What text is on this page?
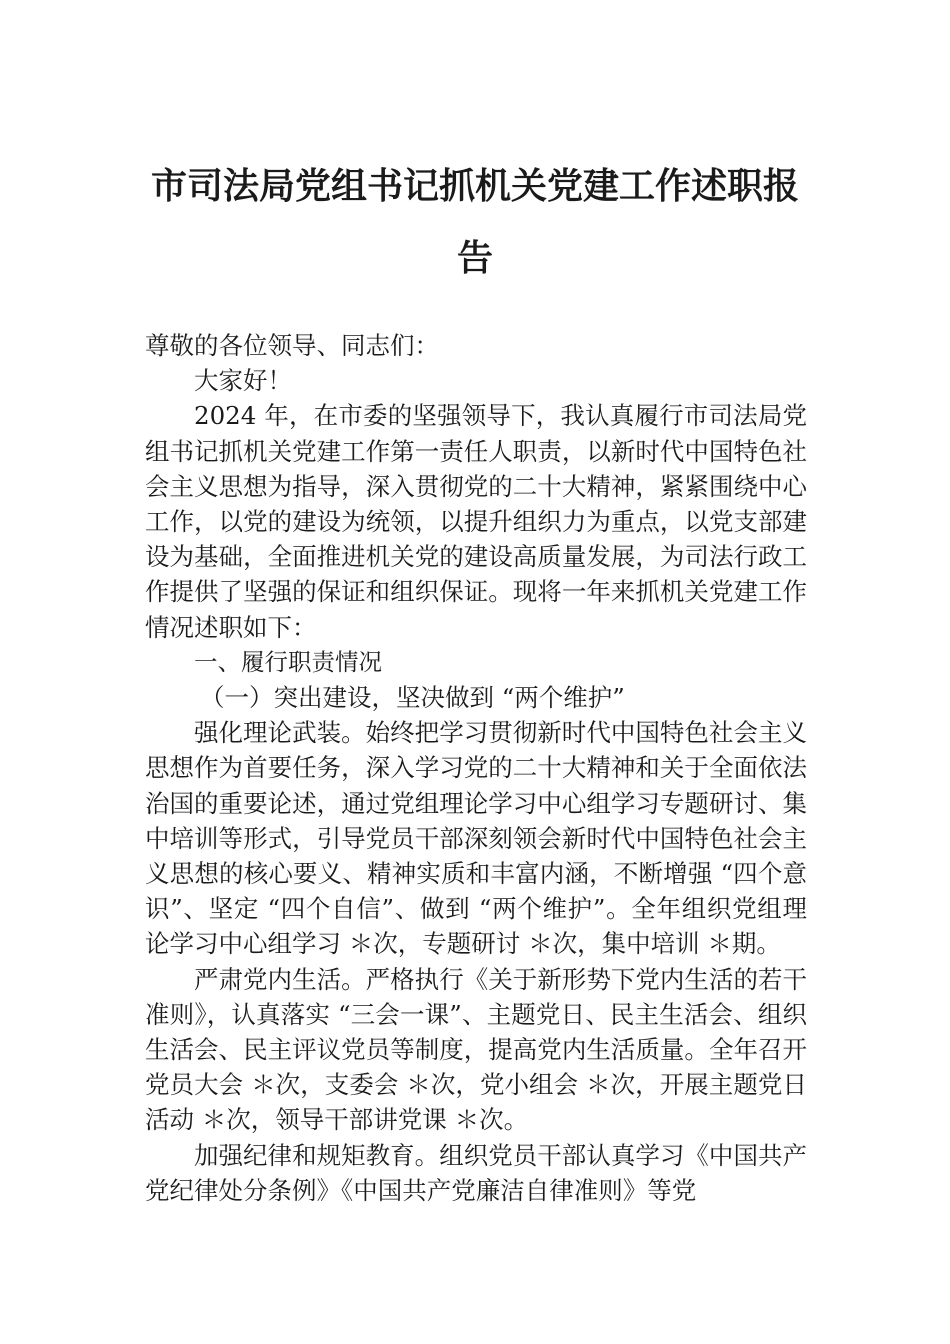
市司法局党组书记抓机关党建工作述职报告

尊敬的各位领导、同志们：

大家好！

2024 年，在市委的坚强领导下，我认真履行市司法局党组书记抓机关党建工作第一责任人职责，以新时代中国特色社会主义思想为指导，深入贯彻党的二十大精神，紧紧围绕中心工作，以党的建设为统领，以提升组织力为重点，以党支部建设为基础，全面推进机关党的建设高质量发展，为司法行政工作提供了坚强的保证和组织保证。现将一年来抓机关党建工作情况述职如下：

一、履行职责情况

（一）突出建设，坚决做到 “两个维护”

强化理论武装。始终把学习贯彻新时代中国特色社会主义思想作为首要任务，深入学习党的二十大精神和关于全面依法治国的重要论述，通过党组理论学习中心组学习专题研讨、集中培训等形式，引导党员干部深刻领会新时代中国特色社会主义思想的核心要义、精神实质和丰富内涵，不断增强 “四个意识”、坚定 “四个自信”、做到 “两个维护”。全年组织党组理论学习中心组学习 ＊次，专题研讨 ＊次，集中培训 ＊期。

严肃党内生活。严格执行《关于新形势下党内生活的若干准则》，认真落实 “三会一课”、主题党日、民主生活会、组织生活会、民主评议党员等制度，提高党内生活质量。全年召开党员大会 ＊次，支委会 ＊次，党小组会 ＊次，开展主题党日活动 ＊次，领导干部讲党课 ＊次。

加强纪律和规矩教育。组织党员干部认真学习《中国共产党纪律处分条例》《中国共产党廉洁自律准则》等党
